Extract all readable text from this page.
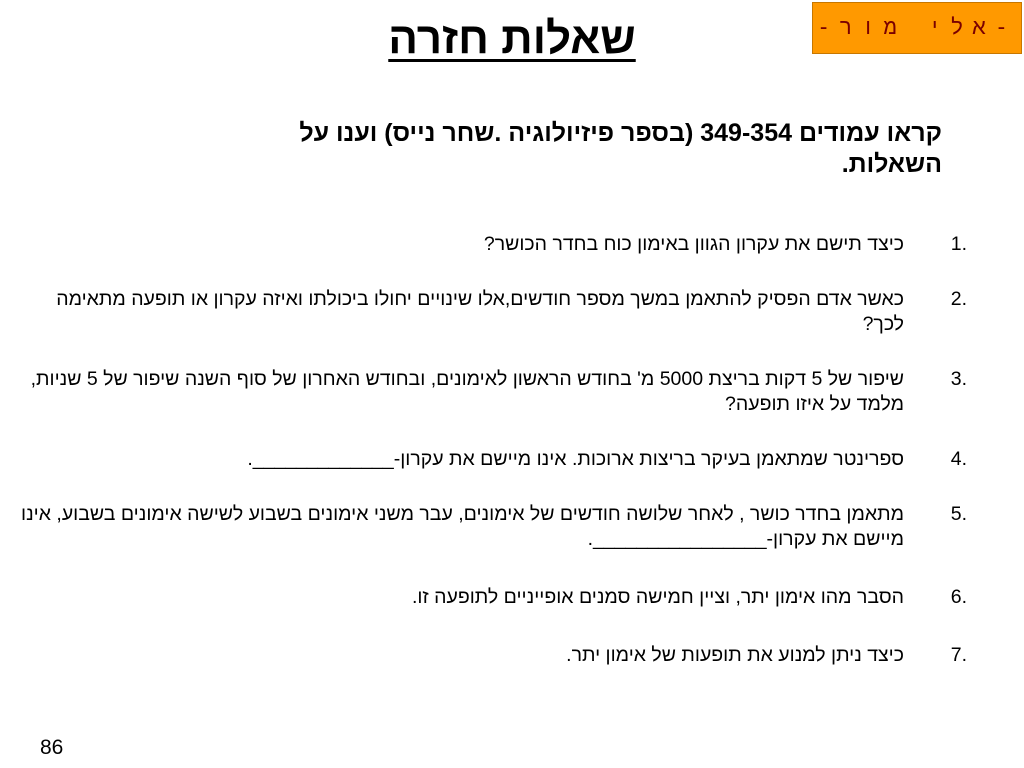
-אלי מור-
שאלות חזרה
קראו עמודים 349-354 (בספר פיזיולוגיה .שחר נייס) וענו על השאלות.
1.
כיצד תישם את עקרון הגוון באימון כוח בחדר הכושר?
2.
כאשר אדם הפסיק להתאמן במשך מספר חודשים,אלו שינויים יחולו ביכולתו ואיזה עקרון או תופעה מתאימה לכך?
3.
שיפור של 5 דקות בריצת 5000 מ' בחודש הראשון לאימונים, ובחודש האחרון של סוף השנה שיפור של 5 שניות, מלמד על איזו תופעה?
4.
ספרינטר שמתאמן בעיקר בריצות ארוכות. אינו מיישם את עקרון-_____________.
5.
מתאמן בחדר כושר , לאחר שלושה חודשים של אימונים, עבר משני אימונים בשבוע לשישה אימונים בשבוע, אינו מיישם את עקרון-________________.
6.
הסבר מהו אימון יתר, וציין חמישה סמנים אופייניים לתופעה זו.
7.
כיצד ניתן למנוע את תופעות של אימון יתר.
86
